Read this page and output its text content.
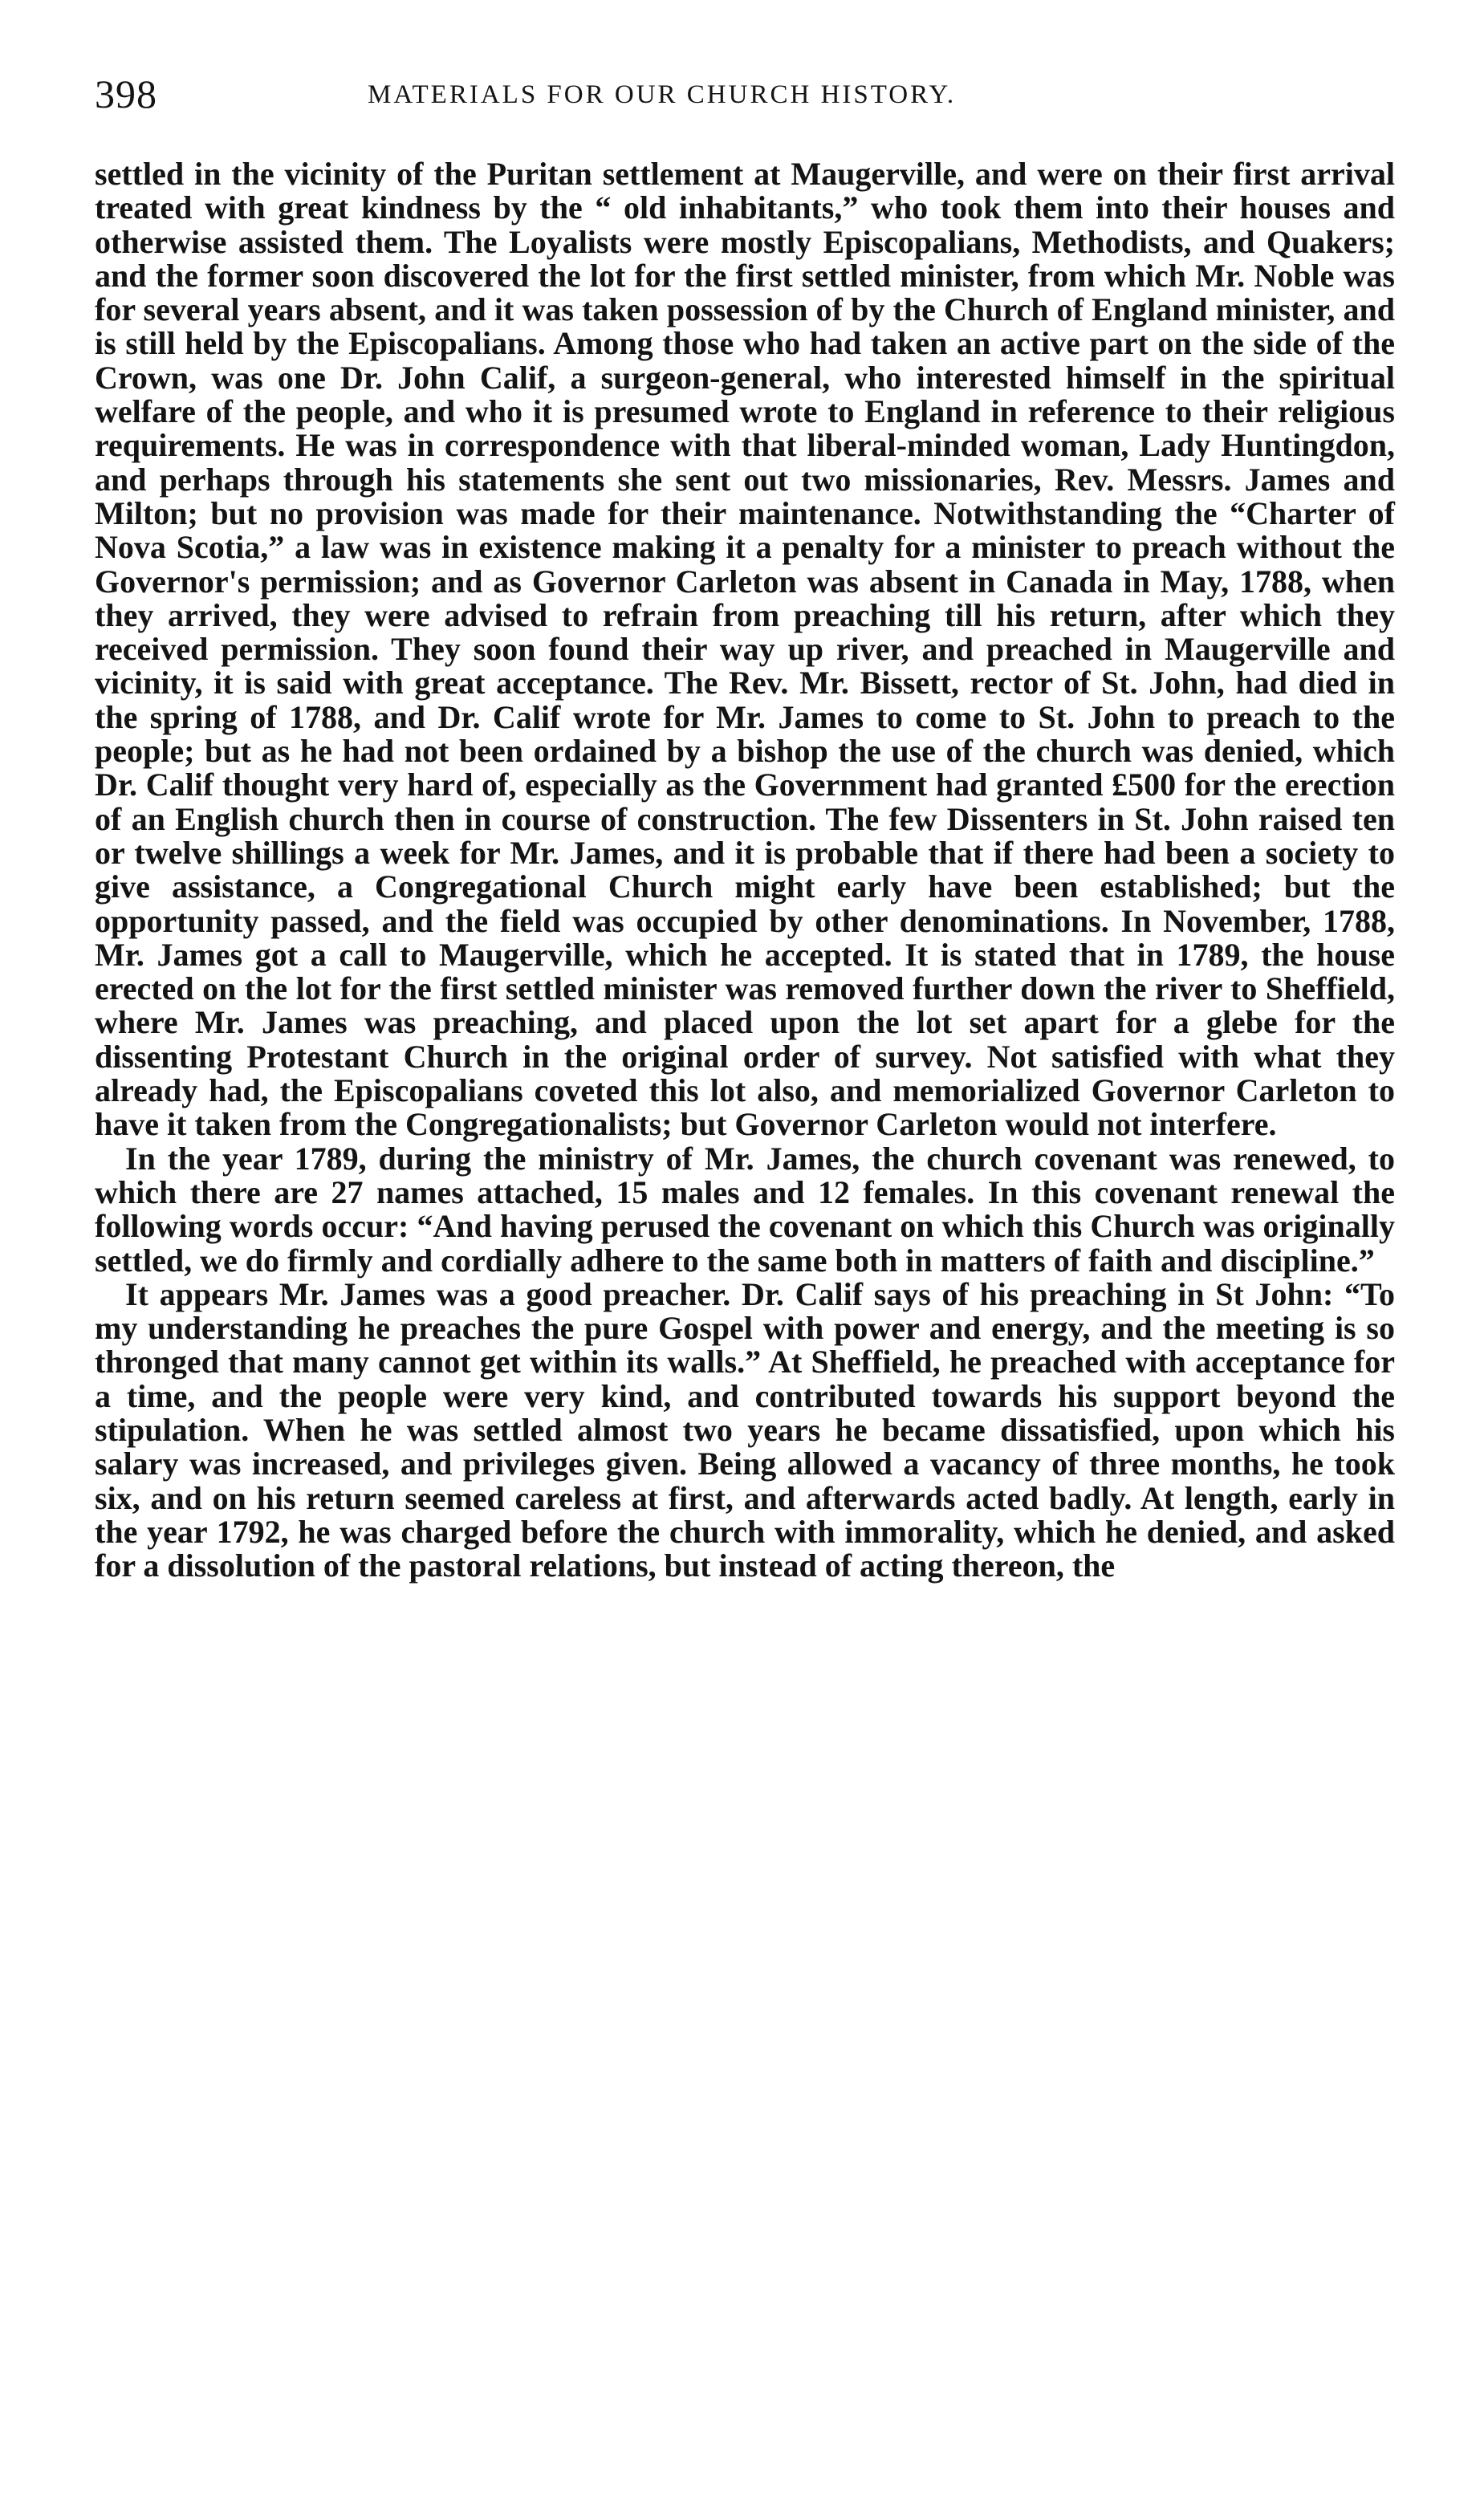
398	MATERIALS FOR OUR CHURCH HISTORY.

settled in the vicinity of the Puritan settlement at Maugerville, and were on their first arrival treated with great kindness by the “ old inhabitants,” who took them into their houses and otherwise assisted them. The Loyalists were mostly Episcopalians, Methodists, and Quakers; and the former soon discovered the lot for the first settled minister, from which Mr. Noble was for several years absent, and it was taken possession of by the Church of England minister, and is still held by the Episcopalians. Among those who had taken an active part on the side of the Crown, was one Dr. John Calif, a surgeon-general, who interested himself in the spiritual welfare of the people, and who it is presumed wrote to England in reference to their religious requirements. He was in correspondence with that liberal-minded woman, Lady Huntingdon, and perhaps through his statements she sent out two missionaries, Rev. Messrs. James and Milton; but no provision was made for their maintenance. Notwithstanding the “Charter of Nova Scotia,” a law was in existence making it a penalty for a minister to preach without the Governor's permission; and as Governor Carleton was absent in Canada in May, 1788, when they arrived, they were advised to refrain from preaching till his return, after which they received permission. They soon found their way up river, and preached in Maugerville and vicinity, it is said with great acceptance. The Rev. Mr. Bissett, rector of St. John, had died in the spring of 1788, and Dr. Calif wrote for Mr. James to come to St. John to preach to the people; but as he had not been ordained by a bishop the use of the church was denied, which Dr. Calif thought very hard of, especially as the Government had granted £500 for the erection of an English church then in course of construction. The few Dissenters in St. John raised ten or twelve shillings a week for Mr. James, and it is probable that if there had been a society to give assistance, a Congregational Church might early have been established; but the opportunity passed, and the field was occupied by other denominations. In November, 1788, Mr. James got a call to Maugerville, which he accepted. It is stated that in 1789, the house erected on the lot for the first settled minister was removed further down the river to Sheffield, where Mr. James was preaching, and placed upon the lot set apart for a glebe for the dissenting Protestant Church in the original order of survey. Not satisfied with what they already had, the Episcopalians coveted this lot also, and memorialized Governor Carleton to have it taken from the Congregationalists; but Governor Carleton would not interfere.

In the year 1789, during the ministry of Mr. James, the church covenant was renewed, to which there are 27 names attached, 15 males and 12 females. In this covenant renewal the following words occur: “And having perused the covenant on which this Church was originally settled, we do firmly and cordially adhere to the same both in matters of faith and discipline.”

It appears Mr. James was a good preacher. Dr. Calif says of his preaching in St John: “To my understanding he preaches the pure Gospel with power and energy, and the meeting is so thronged that many cannot get within its walls.” At Sheffield, he preached with acceptance for a time, and the people were very kind, and contributed towards his support beyond the stipulation. When he was settled almost two years he became dissatisfied, upon which his salary was increased, and privileges given. Being allowed a vacancy of three months, he took six, and on his return seemed careless at first, and afterwards acted badly. At length, early in the year 1792, he was charged before the church with immorality, which he denied, and asked for a dissolution of the pastoral relations, but instead of acting thereon, the
